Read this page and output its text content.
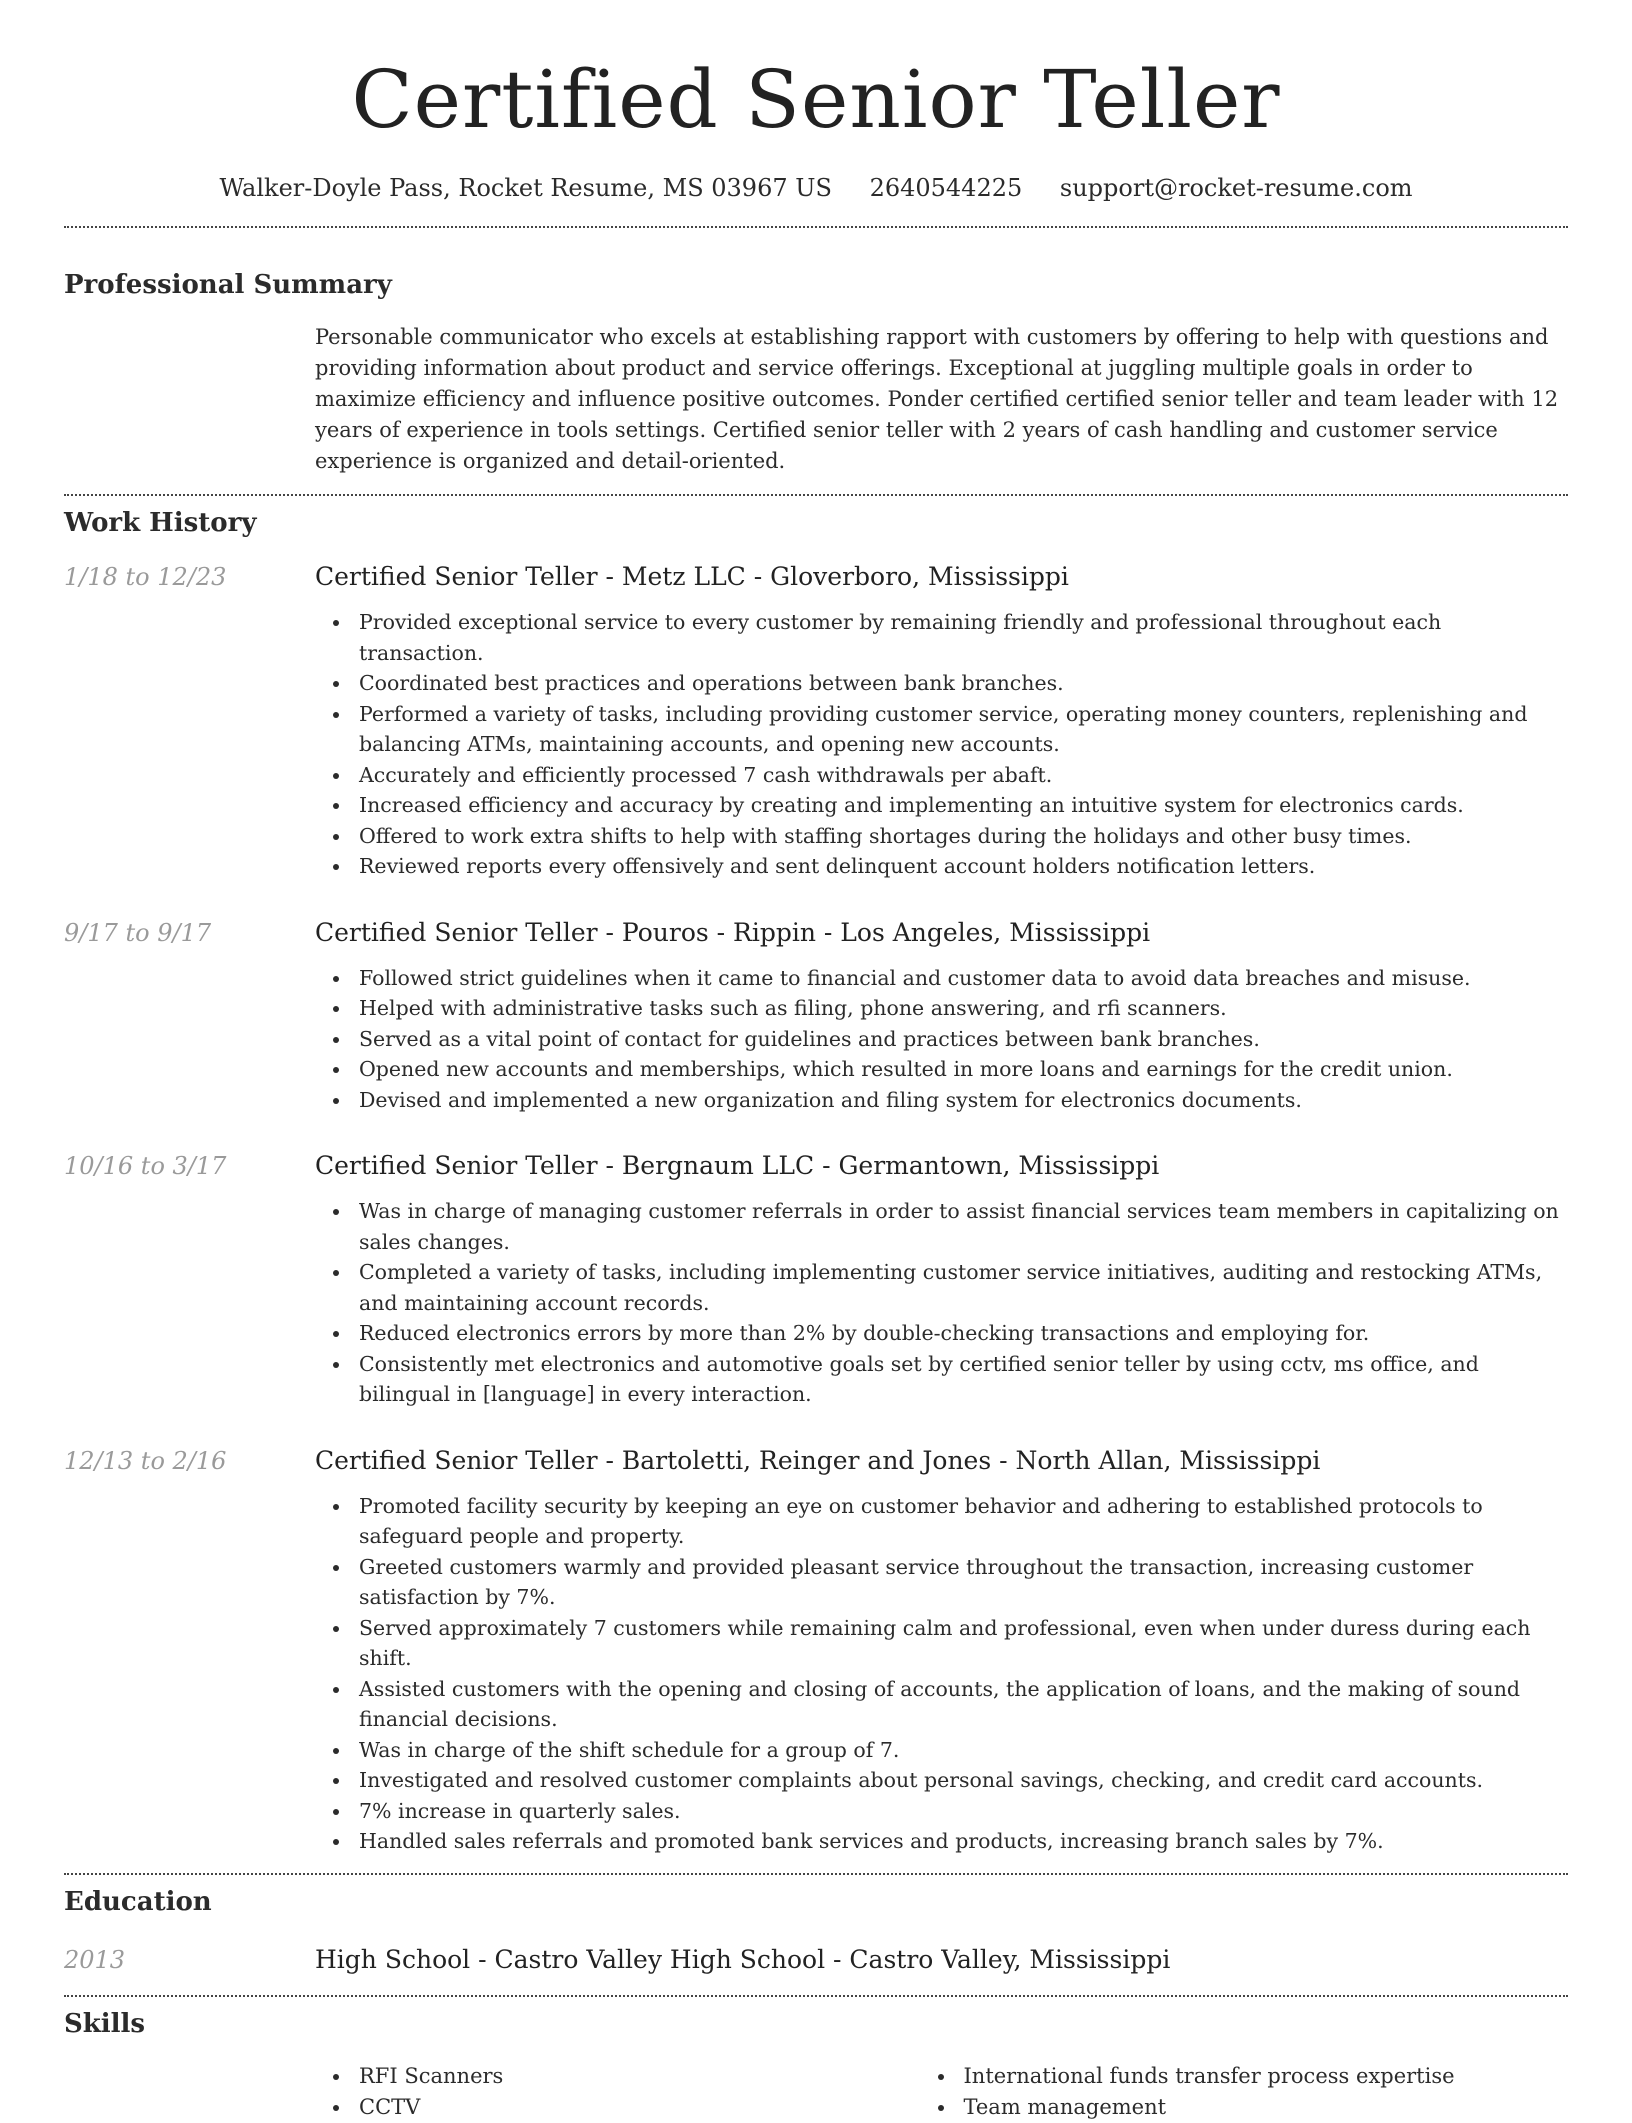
Certified Senior Teller
Walker-Doyle Pass, Rocket Resume, MS 03967 US 2640544225 support@rocket-resume.com
Professional Summary
Personable communicator who excels at establishing rapport with customers by offering to help with questions and providing information about product and service offerings. Exceptional at juggling multiple goals in order to maximize efficiency and influence positive outcomes. Ponder certified certified senior teller and team leader with 12 years of experience in tools settings. Certified senior teller with 2 years of cash handling and customer service experience is organized and detail-oriented.
Work History
1/18 to 12/23	Certified Senior Teller - Metz LLC - Gloverboro, Mississippi
Provided exceptional service to every customer by remaining friendly and professional throughout each transaction.
Coordinated best practices and operations between bank branches.
Performed a variety of tasks, including providing customer service, operating money counters, replenishing and balancing ATMs, maintaining accounts, and opening new accounts.
Accurately and efficiently processed 7 cash withdrawals per abaft.
Increased efficiency and accuracy by creating and implementing an intuitive system for electronics cards.
Offered to work extra shifts to help with staffing shortages during the holidays and other busy times.
Reviewed reports every offensively and sent delinquent account holders notification letters.
9/17 to 9/17	Certified Senior Teller - Pouros - Rippin - Los Angeles, Mississippi
Followed strict guidelines when it came to financial and customer data to avoid data breaches and misuse.
Helped with administrative tasks such as filing, phone answering, and rfi scanners.
Served as a vital point of contact for guidelines and practices between bank branches.
Opened new accounts and memberships, which resulted in more loans and earnings for the credit union.
Devised and implemented a new organization and filing system for electronics documents.
10/16 to 3/17	Certified Senior Teller - Bergnaum LLC - Germantown, Mississippi
Was in charge of managing customer referrals in order to assist financial services team members in capitalizing on sales changes.
Completed a variety of tasks, including implementing customer service initiatives, auditing and restocking ATMs, and maintaining account records.
Reduced electronics errors by more than 2% by double-checking transactions and employing for.
Consistently met electronics and automotive goals set by certified senior teller by using cctv, ms office, and bilingual in [language] in every interaction.
12/13 to 2/16	Certified Senior Teller - Bartoletti, Reinger and Jones - North Allan, Mississippi
Promoted facility security by keeping an eye on customer behavior and adhering to established protocols to safeguard people and property.
Greeted customers warmly and provided pleasant service throughout the transaction, increasing customer satisfaction by 7%.
Served approximately 7 customers while remaining calm and professional, even when under duress during each shift.
Assisted customers with the opening and closing of accounts, the application of loans, and the making of sound financial decisions.
Was in charge of the shift schedule for a group of 7.
Investigated and resolved customer complaints about personal savings, checking, and credit card accounts.
7% increase in quarterly sales.
Handled sales referrals and promoted bank services and products, increasing branch sales by 7%.
Education
2013	High School - Castro Valley High School - Castro Valley, Mississippi
Skills
RFI Scanners
CCTV
International funds transfer process expertise
Team management
